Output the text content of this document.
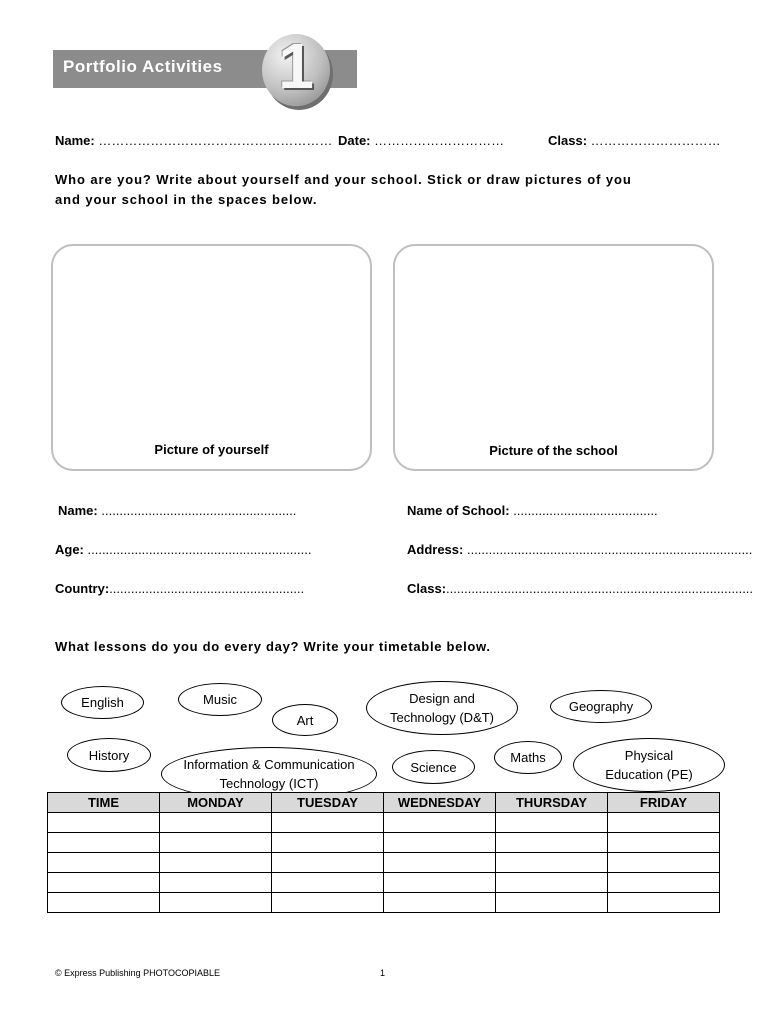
Portfolio Activities 1
Name: ……………………………………………… Date: …………………………	Class: …………………………
Who are you? Write about yourself and your school. Stick or draw pictures of you
and your school in the spaces below.
Picture of yourself	Picture of the school
Name: ......................................................
Age: ..............................................................
Country:......................................................
Name of School: ........................................
Address: ...............................................................................
Class:.....................................................................................
What lessons do you do every day? Write your timetable below.
English	Music
Art
Design and
Technology (D&T)
Geography
History
Information & Communication
Technology (ICT)
Science
Maths	Physical
Education (PE)
TIME	MONDAY	TUESDAY	WEDNESDAY	THURSDAY	FRIDAY

© Express Publishing PHOTOCOPIABLE	1
